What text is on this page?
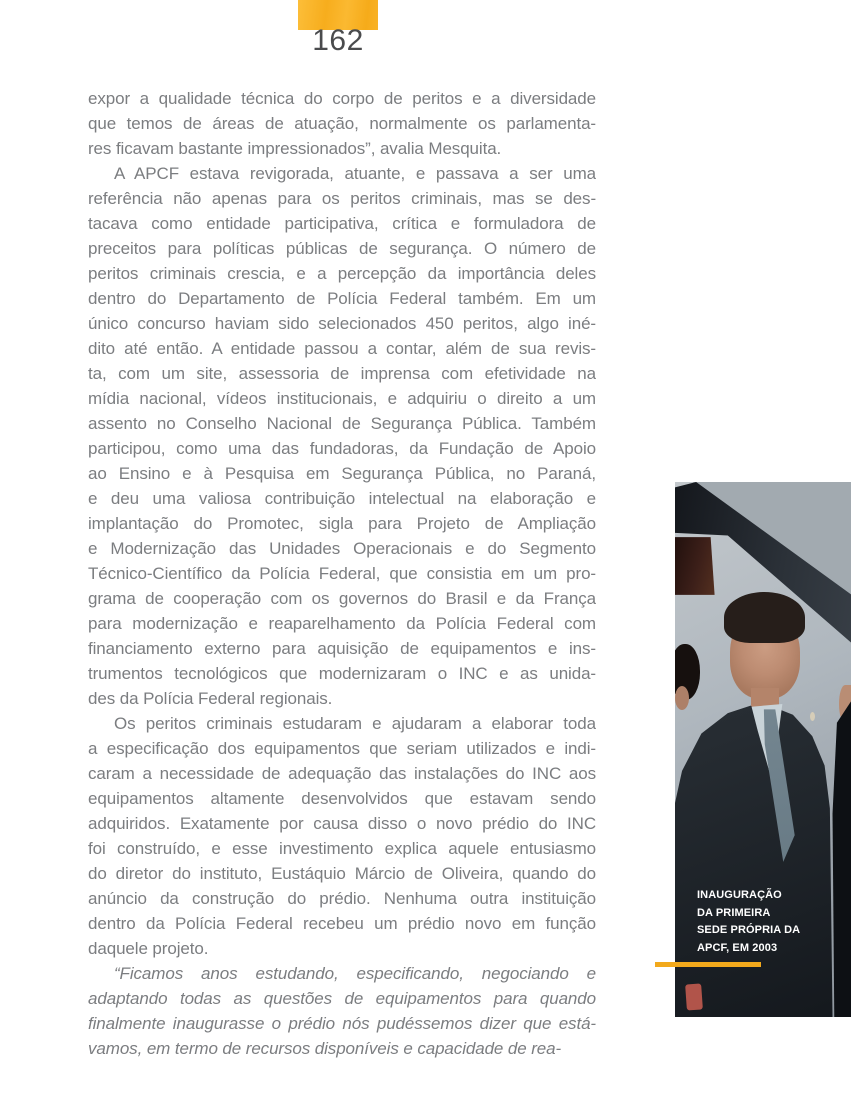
162
expor a qualidade técnica do corpo de peritos e a diversidade
que temos de áreas de atuação, normalmente os parlamenta-
res ficavam bastante impressionados”, avalia Mesquita.
A APCF estava revigorada, atuante, e passava a ser uma
referência não apenas para os peritos criminais, mas se des-
tacava como entidade participativa, crítica e formuladora de
preceitos para políticas públicas de segurança. O número de
peritos criminais crescia, e a percepção da importância deles
dentro do Departamento de Polícia Federal também. Em um
único concurso haviam sido selecionados 450 peritos, algo iné-
dito até então. A entidade passou a contar, além de sua revis-
ta, com um site, assessoria de imprensa com efetividade na
mídia nacional, vídeos institucionais, e adquiriu o direito a um
assento no Conselho Nacional de Segurança Pública. Também
participou, como uma das fundadoras, da Fundação de Apoio
ao Ensino e à Pesquisa em Segurança Pública, no Paraná,
e deu uma valiosa contribuição intelectual na elaboração e
implantação do Promotec, sigla para Projeto de Ampliação
e Modernização das Unidades Operacionais e do Segmento
Técnico-Científico da Polícia Federal, que consistia em um pro-
grama de cooperação com os governos do Brasil e da França
para modernização e reaparelhamento da Polícia Federal com
financiamento externo para aquisição de equipamentos e ins-
trumentos tecnológicos que modernizaram o INC e as unida-
des da Polícia Federal regionais.
Os peritos criminais estudaram e ajudaram a elaborar toda
a especificação dos equipamentos que seriam utilizados e indi-
caram a necessidade de adequação das instalações do INC aos
equipamentos altamente desenvolvidos que estavam sendo
adquiridos. Exatamente por causa disso o novo prédio do INC
foi construído, e esse investimento explica aquele entusiasmo
do diretor do instituto, Eustáquio Márcio de Oliveira, quando do
anúncio da construção do prédio. Nenhuma outra instituição
dentro da Polícia Federal recebeu um prédio novo em função
daquele projeto.
“Ficamos anos estudando, especificando, negociando e
adaptando todas as questões de equipamentos para quando
finalmente inaugurasse o prédio nós pudéssemos dizer que está-
vamos, em termo de recursos disponíveis e capacidade de rea-
INAUGURAÇÃO
DA PRIMEIRA
SEDE PRÓPRIA DA
APCF, EM 2003
